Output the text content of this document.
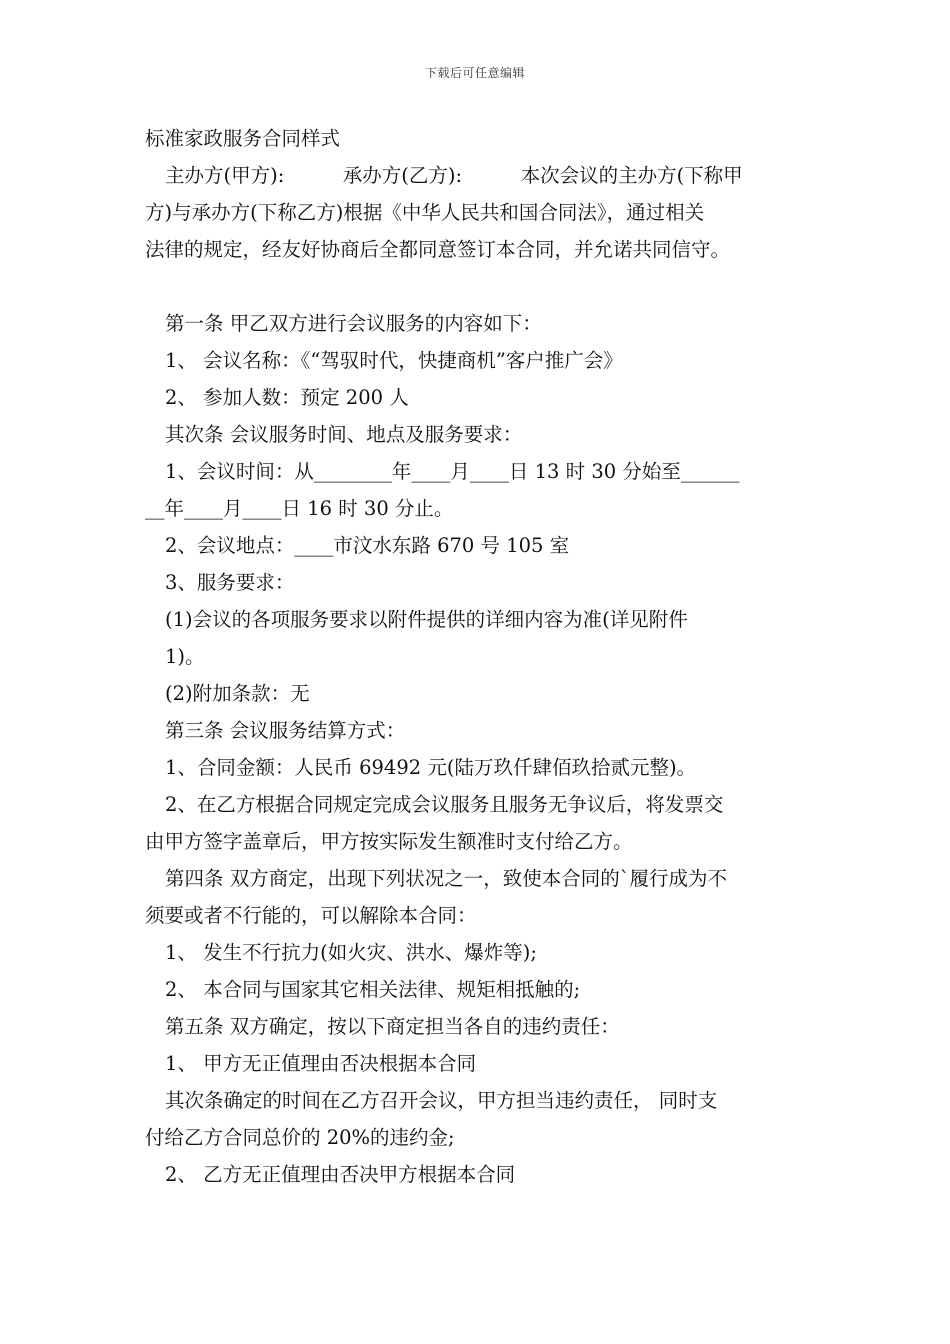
下载后可任意编辑
标准家政服务合同样式
主办方(甲方):　　　承办方(乙方):　　　本次会议的主办方(下称甲
方)与承办方(下称乙方)根据《中华人民共和国合同法》，通过相关
法律的规定，经友好协商后全都同意签订本合同，并允诺共同信守。
第一条 甲乙双方进行会议服务的内容如下：
1、 会议名称：《“驾驭时代，快捷商机”客户推广会》
2、 参加人数：预定 200 人
其次条 会议服务时间、地点及服务要求：
1、会议时间：从________年____月____日 13 时 30 分始至______
__年____月____日 16 时 30 分止。
2、会议地点：____市汶水东路 670 号 105 室
3、服务要求：
(1)会议的各项服务要求以附件提供的详细内容为准(详见附件
1)。
(2)附加条款：无
第三条 会议服务结算方式：
1、合同金额：人民币 69492 元(陆万玖仟肆佰玖拾贰元整)。
2、在乙方根据合同规定完成会议服务且服务无争议后，将发票交
由甲方签字盖章后，甲方按实际发生额准时支付给乙方。
第四条 双方商定，出现下列状况之一，致使本合同的`履行成为不
须要或者不行能的，可以解除本合同：
1、 发生不行抗力(如火灾、洪水、爆炸等);
2、 本合同与国家其它相关法律、规矩相抵触的;
第五条 双方确定，按以下商定担当各自的违约责任：
1、 甲方无正值理由否决根据本合同
其次条确定的时间在乙方召开会议，甲方担当违约责任， 同时支
付给乙方合同总价的 20%的违约金;
2、 乙方无正值理由否决甲方根据本合同
